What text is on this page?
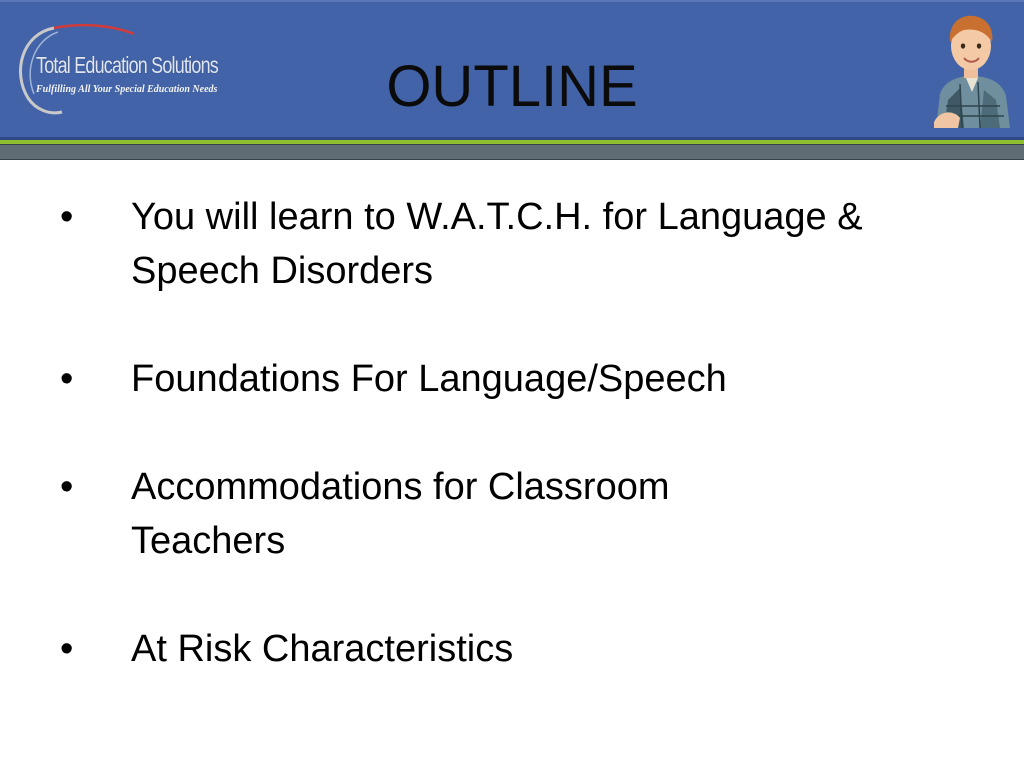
Total Education Solutions
Fulfilling All Your Special Education Needs	OUTLINE
• You will learn to W.A.T.C.H. for Language & Speech Disorders
• Foundations For Language/Speech
• Accommodations for Classroom Teachers
• At Risk Characteristics
